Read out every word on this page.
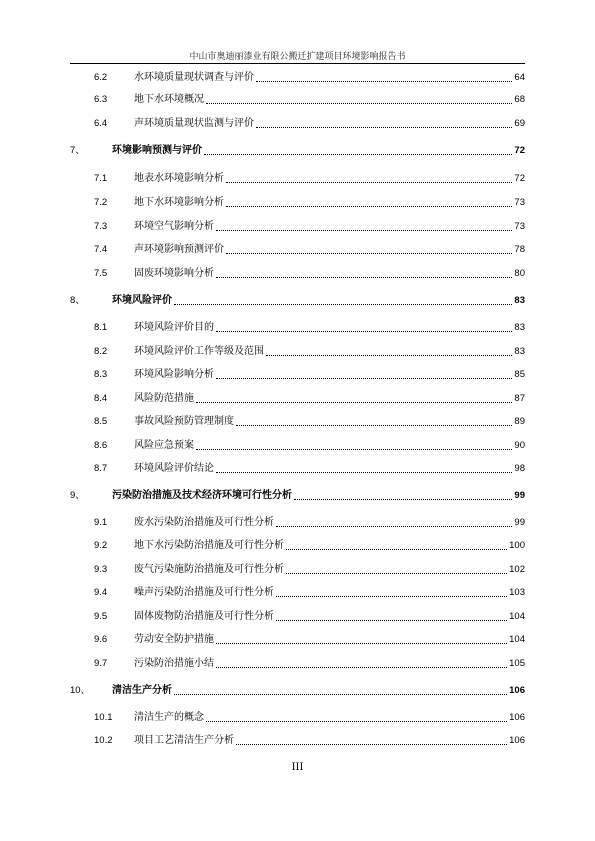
中山市奥迪丽漆业有限公搬迁扩建项目环境影响报告书
6.2	水环境质量现状调查与评价	64
6.3	地下水环境概况	68
6.4	声环境质量现状监测与评价	69
7、	环境影响预测与评价	72
7.1	地表水环境影响分析	72
7.2	地下水环境影响分析	73
7.3	环境空气影响分析	73
7.4	声环境影响预测评价	78
7.5	固废环境影响分析	80
8、	环境风险评价	83
8.1	环境风险评价目的	83
8.2	环境风险评价工作等级及范围	83
8.3	环境风险影响分析	85
8.4	风险防范措施	87
8.5	事故风险预防管理制度	89
8.6	风险应急预案	90
8.7	环境风险评价结论	98
9、	污染防治措施及技术经济环境可行性分析	99
9.1	废水污染防治措施及可行性分析	99
9.2	地下水污染防治措施及可行性分析	100
9.3	废气污染施防治措施及可行性分析	102
9.4	噪声污染防治措施及可行性分析	103
9.5	固体废物防治措施及可行性分析	104
9.6	劳动安全防护措施	104
9.7	污染防治措施小结	105
10、	清洁生产分析	106
10.1	清洁生产的概念	106
10.2	项目工艺清洁生产分析	106
III
